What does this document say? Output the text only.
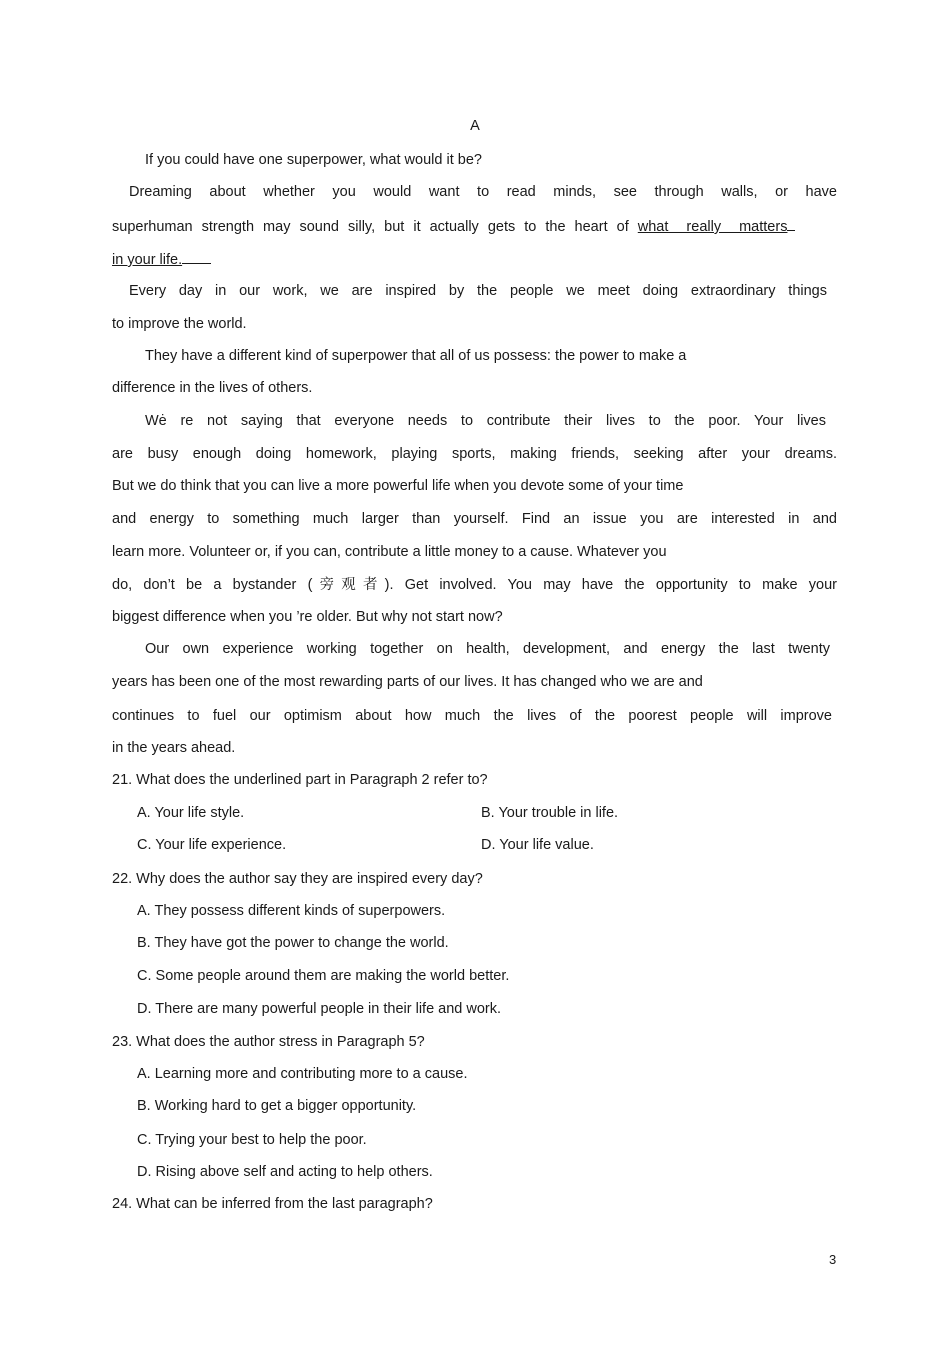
A
If you could have one superpower, what would it be?
Dreaming about whether you would want to read minds, see through walls, or have
superhuman strength may sound silly, but it actually gets to the heart of what really matters
in your life.
Every day in our work, we are inspired by the people we meet doing extraordinary things
to improve the world.
They have a different kind of superpower that all of us possess: the power to make a
difference in the lives of others.
Wė re not saying that everyone needs to contribute their lives to the poor. Your lives
are busy enough doing homework, playing sports, making friends, seeking after your dreams.
But we do think that you can live a more powerful life when you devote some of your time
and energy to something much larger than yourself. Find an issue you are interested in and
learn more. Volunteer or, if you can, contribute a little money to a cause. Whatever you
do, don’t be a bystander (旁观者). Get involved. You may have the opportunity to make your
biggest difference when you ’re older. But why not start now?
Our own experience working together on health, development, and energy the last twenty
years has been one of the most rewarding parts of our lives. It has changed who we are and
continues to fuel our optimism about how much the lives of the poorest people will improve
in the years ahead.
21. What does the underlined part in Paragraph 2 refer to?
A. Your life style.	B. Your trouble in life.
C. Your life experience.	D. Your life value.
22. Why does the author say they are inspired every day?
A. They possess different kinds of superpowers.
B. They have got the power to change the world.
C. Some people around them are making the world better.
D. There are many powerful people in their life and work.
23. What does the author stress in Paragraph 5?
A. Learning more and contributing more to a cause.
B. Working hard to get a bigger opportunity.
C. Trying your best to help the poor.
D. Rising above self and acting to help others.
24. What can be inferred from the last paragraph?
3
